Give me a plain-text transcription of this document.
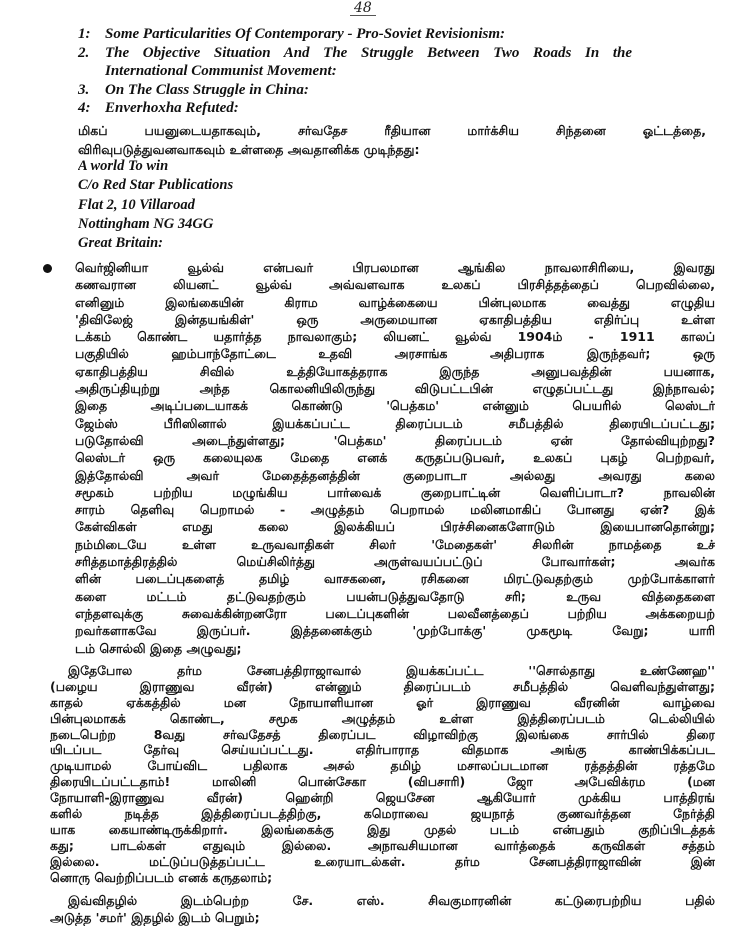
48
1: Some Particularities Of Contemporary - Pro-Soviet Revisionism:
2. The Objective Situation And The Struggle Between Two Roads In the
International Communist Movement:
3. On The Class Struggle in China:
4: Enverhoxha Refuted:
மிகப் பயனுடையதாகவும், சர்வதேச ரீதியான மார்க்சிய சிந்தனை ஓட்டத்தை,
விரிவுபடுத்துவனவாகவும் உள்ளதை அவதானிக்க முடிந்தது:
A world To win
C/o Red Star Publications
Flat 2, 10 Villaroad
Nottingham NG 34GG
Great Britain:
வெர்ஜினியா வூல்வ் என்பவர் பிரபலமான ஆங்கில நாவலாசிரியை, இவரது
கணவரான லியனட் வூல்வ் அவ்வளவாக உலகப் பிரசித்தத்தைப் பெறவில்லை,
எனினும் இலங்கையின் கிராம வாழ்க்கையை பின்புலமாக வைத்து எழுதிய
'திவிலேஜ் இன்தயங்கிள்' ஒரு அருமையான ஏகாதிபத்திய எதிர்ப்பு உள்ள
டக்கம் கொண்ட யதார்த்த நாவலாகும்; லியனட் வூல்வ் 1904ம் - 1911 காலப்
பகுதியில் ஹம்பாந்தோட்டை உதவி அரசாங்க அதிபராக இருந்தவர்; ஒரு
ஏகாதிபத்திய சிவில் உத்தியோகத்தராக இருந்த அனுபவத்தின் பயனாக,
அதிருப்தியுற்று அந்த கொலனியிலிருந்து விடுபட்டபின் எழுதப்பட்டது இந்நாவல்;
இதை அடிப்படையாகக் கொண்டு 'பெத்கம' என்னும் பெயரில் லெஸ்டர்
ஜேம்ஸ் பீரிஸினால் இயக்கப்பட்ட திரைப்படம் சமீபத்தில் திரையிடப்பட்டது;
படுதோல்வி அடைந்துள்ளது; 'பெத்கம' திரைப்படம் ஏன் தோல்வியுற்றது?
லெஸ்டர் ஒரு கலையுலக மேதை எனக் கருதப்படுபவர், உலகப் புகழ் பெற்றவர்,
இத்தோல்வி அவர் மேதைத்தனத்தின் குறைபாடா அல்லது அவரது கலை
சமூகம் பற்றிய மழுங்கிய பார்வைக் குறைபாட்டின் வெளிப்பாடா? நாவலின்
சாரம் தெளிவு பெறாமல் - அழுத்தம் பெறாமல் மலினமாகிப் போனது ஏன்? இக்
கேள்விகள் எமது கலை இலக்கியப் பிரச்சினைகளோடும் இயைபானதொன்று;
நம்மிடையே உள்ள உருவவாதிகள் சிலர் 'மேதைகள்' சிலரின் நாமத்தை உச்
சரித்தமாத்திரத்தில் மெய்சிலிர்த்து அருள்வயப்பட்டுப் போவார்கள்; அவர்க
ளின் படைப்புகளைத் தமிழ் வாசகனை, ரசிகனை மிரட்டுவதற்கும் முற்போக்காளர்
களை மட்டம் தட்டுவதற்கும் பயன்படுத்துவதோடு சரி; உருவ வித்தைகளை
எந்தளவுக்கு சுவைக்கின்றனரோ படைப்புகளின் பலவீனத்தைப் பற்றிய அக்கறையற்
றவர்களாகவே இருப்பர். இத்தனைக்கும் 'முற்போக்கு' முகமூடி வேறு; யாரி
டம் சொல்லி இதை அழுவது;
இதேபோல தர்ம சேனபத்திராஜாவால் இயக்கப்பட்ட ''சொல்தாது உண்ணேஹ''
(பழைய இராணுவ வீரன்) என்னும் திரைப்படம் சமீபத்தில் வெளிவந்துள்ளது;
காதல் ஏக்கத்தில் மன நோயாளியான ஓர் இராணுவ வீரனின் வாழ்வை
பின்புலமாகக் கொண்ட, சமூக அழுத்தம் உள்ள இத்திரைப்படம் டெல்லியில்
நடைபெற்ற 8வது சர்வதேசத் திரைப்பட விழாவிற்கு இலங்கை சார்பில் திரை
யிடப்பட தேர்வு செய்யப்பட்டது. எதிர்பாராத விதமாக அங்கு காண்பிக்கப்பட
முடியாமல் போய்விட பதிலாக அசல் தமிழ் மசாலப்படமான ரத்தத்தின் ரத்தமே
திரையிடப்பட்டதாம்! மாலினி பொன்சேகா (விபசாரி) ஜோ அபேவிக்ரம (மன
நோயாளி-இராணுவ வீரன்) ஹென்றி ஜெயசேன ஆகியோர் முக்கிய பாத்திரங்
களில் நடித்த இத்திரைப்படத்திற்கு, கமெராவை ஜயநாத் குணவர்த்தன நேர்த்தி
யாக கையாண்டிருக்கிறார். இலங்கைக்கு இது முதல் படம் என்பதும் குறிப்பிடத்தக்
கது; பாடல்கள் எதுவும் இல்லை. அநாவசியமான வார்த்தைக் கருவிகள் சத்தம்
இல்லை. மட்டுப்படுத்தப்பட்ட உரையாடல்கள். தர்ம சேனபத்திராஜாவின் இன்
னொரு வெற்றிப்படம் எனக் கருதலாம்;
இவ்விதழில் இடம்பெற்ற சே. எஸ். சிவகுமாரனின் கட்டுரைபற்றிய பதில்
அடுத்த 'சமர்' இதழில் இடம் பெறும்;
